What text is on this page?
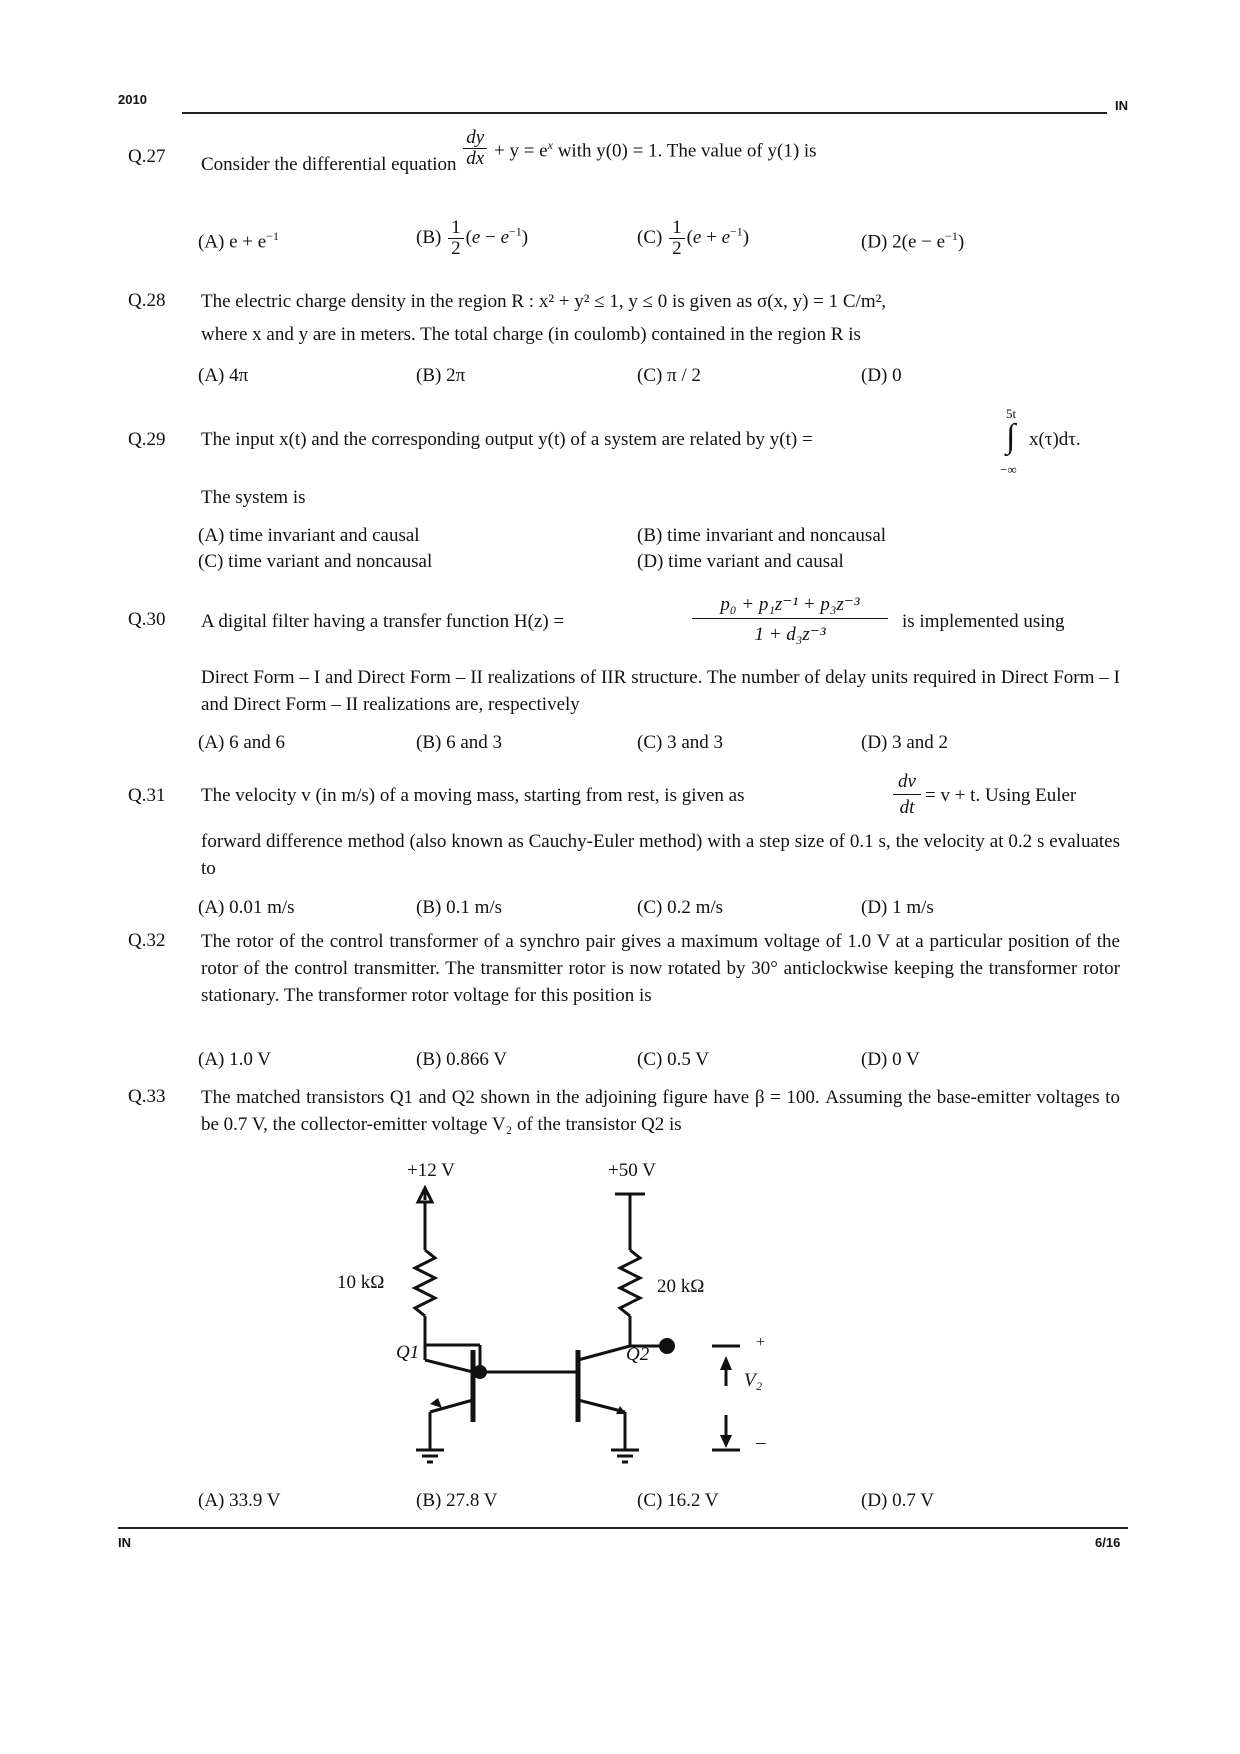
2010	IN
Q.27 Consider the differential equation $\frac{dy}{dx} + y = e^x$ with y(0) = 1. The value of y(1) is
(A) $e + e^{-1}$	$(B) \frac{1}{2} (e - e^{-1})$	$(C) \frac{1}{2} (e + e^{-1})$	(D) $2(e - e^{-1})$
Q.28 The electric charge density in the region R : x² + y² ≤ 1, y ≤ 0 is given as σ(x, y) = 1 C/m²,
where x and y are in meters. The total charge (in coulomb) contained in the region R is
(A) 4π	(B) 2π	(C) π / 2	(D) 0
Q.29 The input x(t) and the corresponding output y(t) of a system are related by y(t) =
5t
∫
−∞
x(τ)dτ.
The system is
(A) time invariant and causal	(B) time invariant and noncausal
(C) time variant and noncausal	(D) time variant and causal
Q.30 A digital filter having a transfer function H(z) =
p₀ + p₁z⁻¹ + p₃z⁻³
1 + d₃z⁻³
is implemented using
Direct Form – I and Direct Form – II realizations of IIR structure. The number of delay units required in Direct Form – I and Direct Form – II realizations are, respectively
(A) 6 and 6	(B) 6 and 3	(C) 3 and 3	(D) 3 and 2
Q.31 The velocity v (in m/s) of a moving mass, starting from rest, is given as
dv
dt
= v + t. Using Euler
forward difference method (also known as Cauchy-Euler method) with a step size of 0.1 s, the velocity at 0.2 s evaluates to
(A) 0.01 m/s	(B) 0.1 m/s	(C) 0.2 m/s	(D) 1 m/s
Q.32 The rotor of the control transformer of a synchro pair gives a maximum voltage of 1.0 V at a particular position of the rotor of the control transmitter. The transmitter rotor is now rotated by 30° anticlockwise keeping the transformer rotor stationary. The transformer rotor voltage for this position is
(A) 1.0 V	(B) 0.866 V	(C) 0.5 V	(D) 0 V
Q.33 The matched transistors Q1 and Q2 shown in the adjoining figure have β = 100. Assuming the base-emitter voltages to be 0.7 V, the collector-emitter voltage V₂ of the transistor Q2 is
+12 V	+50 V
10 kΩ	20 kΩ
Q1	Q2
+
V₂
–
(A) 33.9 V	(B) 27.8 V	(C) 16.2 V	(D) 0.7 V
IN	6/16
